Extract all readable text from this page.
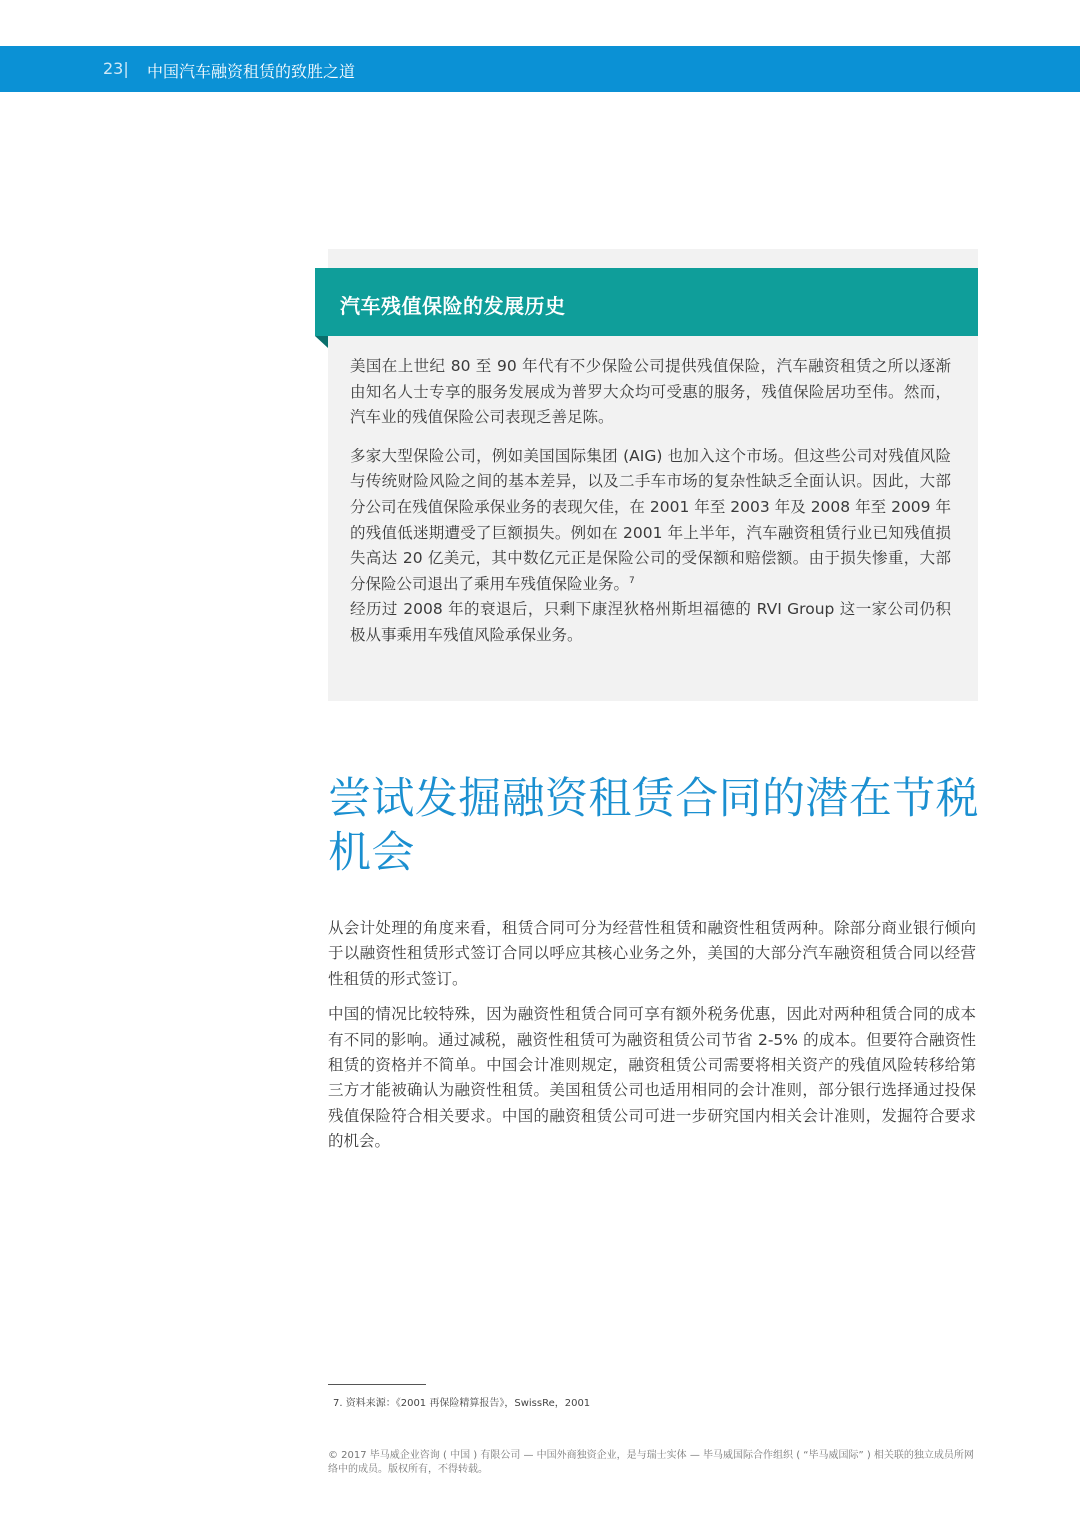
23| 中国汽车融资租赁的致胜之道
汽车残值保险的发展历史

美国在上世纪 80 至 90 年代有不少保险公司提供残值保险，汽车融资租赁之所以逐渐由知名人士专享的服务发展成为普罗大众均可受惠的服务，残值保险居功至伟。然而，汽车业的残值保险公司表现乏善足陈。

多家大型保险公司，例如美国国际集团 (AIG) 也加入这个市场。但这些公司对残值风险与传统财险风险之间的基本差异，以及二手车市场的复杂性缺乏全面认识。因此，大部分公司在残值保险承保业务的表现欠佳，在 2001 年至 2003 年及 2008 年至 2009 年的残值低迷期遭受了巨额损失。例如在 2001 年上半年，汽车融资租赁行业已知残值损失高达 20 亿美元，其中数亿元正是保险公司的受保额和赔偿额。由于损失惨重，大部分保险公司退出了乘用车残值保险业务。$^7$
经历过 2008 年的衰退后，只剩下康涅狄格州斯坦福德的 RVI Group 这一家公司仍积极从事乘用车残值风险承保业务。

尝试发掘融资租赁合同的潜在节税机会

从会计处理的角度来看，租赁合同可分为经营性租赁和融资性租赁两种。除部分商业银行倾向于以融资性租赁形式签订合同以呼应其核心业务之外，美国的大部分汽车融资租赁合同以经营性租赁的形式签订。

中国的情况比较特殊，因为融资性租赁合同可享有额外税务优惠，因此对两种租赁合同的成本有不同的影响。通过减税，融资性租赁可为融资租赁公司节省 2-5% 的成本。但要符合融资性租赁的资格并不简单。中国会计准则规定，融资租赁公司需要将相关资产的残值风险转移给第三方才能被确认为融资性租赁。美国租赁公司也适用相同的会计准则，部分银行选择通过投保残值保险符合相关要求。中国的融资租赁公司可进一步研究国内相关会计准则，发掘符合要求的机会。

7. 资料来源：《2001 再保险精算报告》，SwissRe，2001
© 2017 毕马威企业咨询 ( 中国 ) 有限公司 — 中国外商独资企业，是与瑞士实体 — 毕马威国际合作组织 ( “毕马威国际” ) 相关联的独立成员所网络中的成员。版权所有，不得转载。
